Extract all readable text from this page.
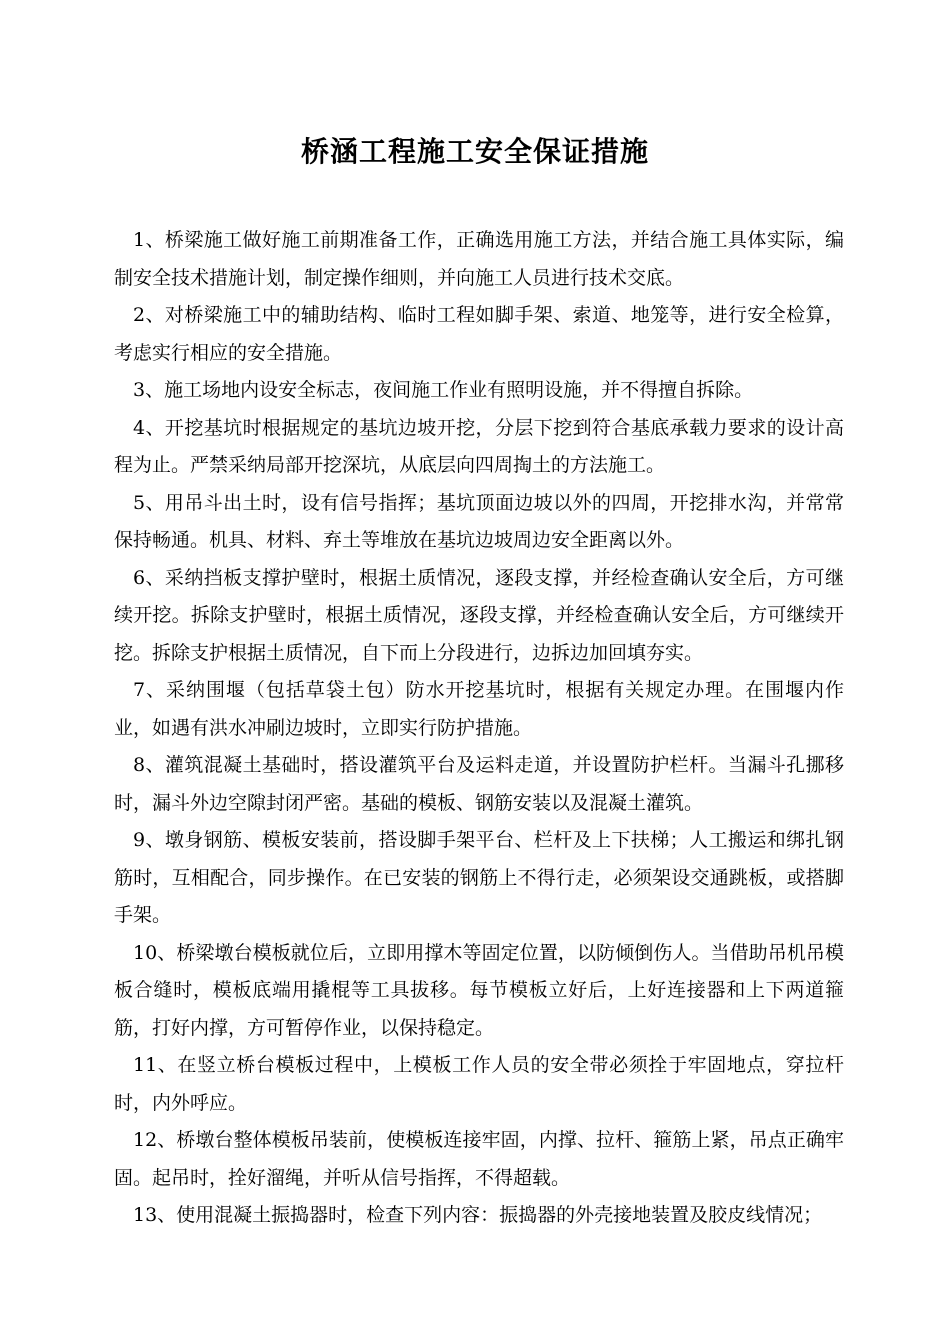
桥涵工程施工安全保证措施

1、桥梁施工做好施工前期准备工作，正确选用施工方法，并结合施工具体实际，编制安全技术措施计划，制定操作细则，并向施工人员进行技术交底。

2、对桥梁施工中的辅助结构、临时工程如脚手架、索道、地笼等，进行安全检算，考虑实行相应的安全措施。

3、施工场地内设安全标志，夜间施工作业有照明设施，并不得擅自拆除。

4、开挖基坑时根据规定的基坑边坡开挖，分层下挖到符合基底承载力要求的设计高程为止。严禁采纳局部开挖深坑，从底层向四周掏土的方法施工。

5、用吊斗出土时，设有信号指挥；基坑顶面边坡以外的四周，开挖排水沟，并常常保持畅通。机具、材料、弃土等堆放在基坑边坡周边安全距离以外。

6、采纳挡板支撑护壁时，根据土质情况，逐段支撑，并经检查确认安全后，方可继续开挖。拆除支护壁时，根据土质情况，逐段支撑，并经检查确认安全后，方可继续开挖。拆除支护根据土质情况，自下而上分段进行，边拆边加回填夯实。

7、采纳围堰（包括草袋土包）防水开挖基坑时，根据有关规定办理。在围堰内作业，如遇有洪水冲刷边坡时，立即实行防护措施。

8、灌筑混凝土基础时，搭设灌筑平台及运料走道，并设置防护栏杆。当漏斗孔挪移时，漏斗外边空隙封闭严密。基础的模板、钢筋安装以及混凝土灌筑。

9、墩身钢筋、模板安装前，搭设脚手架平台、栏杆及上下扶梯；人工搬运和绑扎钢筋时，互相配合，同步操作。在已安装的钢筋上不得行走，必须架设交通跳板，或搭脚手架。

10、桥梁墩台模板就位后，立即用撑木等固定位置，以防倾倒伤人。当借助吊机吊模板合缝时，模板底端用撬棍等工具拔移。每节模板立好后，上好连接器和上下两道箍筋，打好内撑，方可暂停作业，以保持稳定。

11、在竖立桥台模板过程中，上模板工作人员的安全带必须拴于牢固地点，穿拉杆时，内外呼应。

12、桥墩台整体模板吊装前，使模板连接牢固，内撑、拉杆、箍筋上紧，吊点正确牢固。起吊时，拴好溜绳，并听从信号指挥，不得超载。

13、使用混凝土振捣器时，检查下列内容：振捣器的外壳接地装置及胶皮线情况；
